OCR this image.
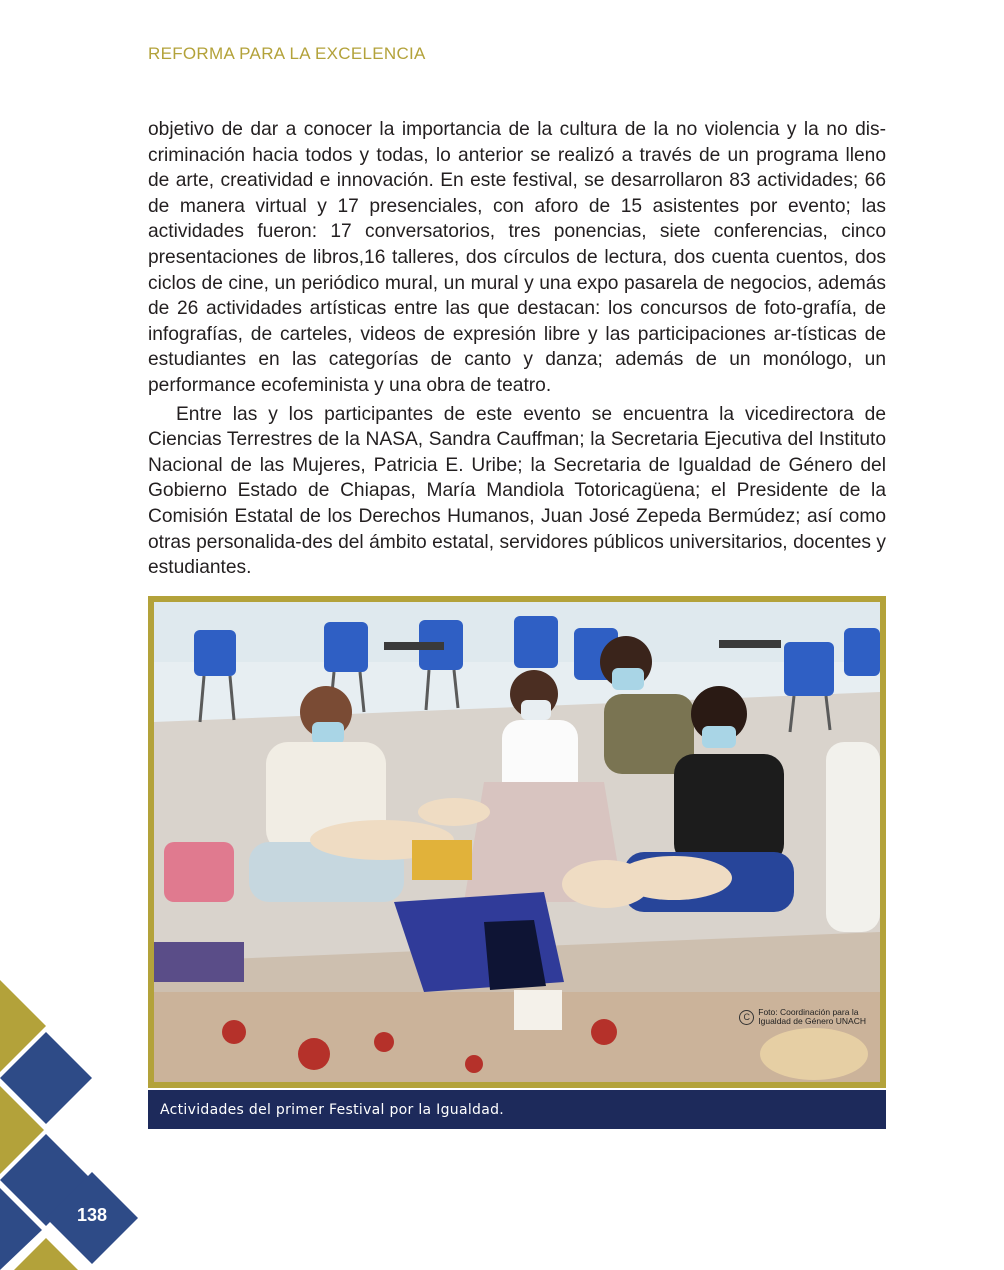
REFORMA PARA LA EXCELENCIA

objetivo de dar a conocer la importancia de la cultura de la no violencia y la no dis-criminación hacia todos y todas, lo anterior se realizó a través de un programa lleno de arte, creatividad e innovación. En este festival, se desarrollaron 83 actividades; 66 de manera virtual y 17 presenciales, con aforo de 15 asistentes por evento; las actividades fueron: 17 conversatorios, tres ponencias, siete conferencias, cinco presentaciones de libros,16 talleres, dos círculos de lectura, dos cuenta cuentos, dos ciclos de cine, un periódico mural, un mural y una expo pasarela de negocios, además de 26 actividades artísticas entre las que destacan: los concursos de foto-grafía, de infografías, de carteles, videos de expresión libre y las participaciones ar-tísticas de estudiantes en las categorías de canto y danza; además de un monólogo, un performance ecofeminista y una obra de teatro.

Entre las y los participantes de este evento se encuentra la vicedirectora de Ciencias Terrestres de la NASA, Sandra Cauffman; la Secretaria Ejecutiva del Instituto Nacional de las Mujeres, Patricia E. Uribe; la Secretaria de Igualdad de Género del Gobierno Estado de Chiapas, María Mandiola Totoricagüena; el Presidente de la Comisión Estatal de los Derechos Humanos, Juan José Zepeda Bermúdez; así como otras personalida-des del ámbito estatal, servidores públicos universitarios, docentes y estudiantes.

C Foto: Coordinación para la
Igualdad de Género UNACH
Actividades del primer Festival por la Igualdad.
138
